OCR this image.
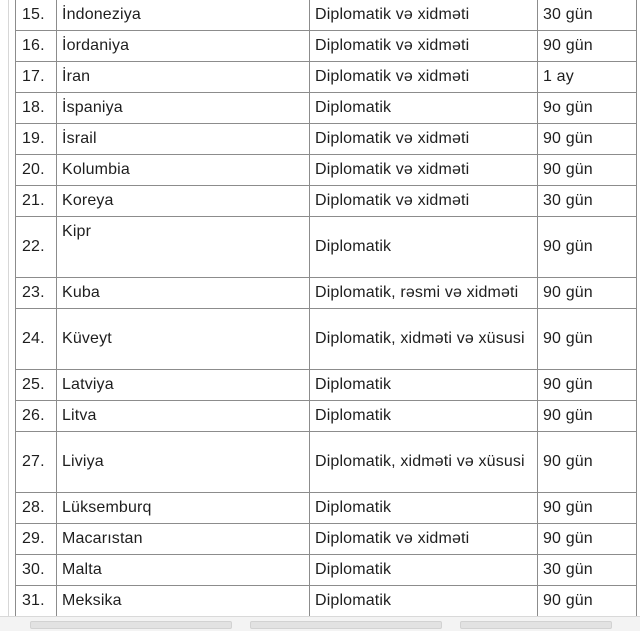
15.	İndoneziya	Diplomatik və xidməti	30 gün
16.	İordaniya	Diplomatik və xidməti	90 gün
17.	İran	Diplomatik və xidməti	1 ay
18.	İspaniya	Diplomatik	9o gün
19.	İsrail	Diplomatik və xidməti	90 gün
20.	Kolumbia	Diplomatik və xidməti	90 gün
21.	Koreya	Diplomatik və xidməti	30 gün
22.	Kipr	Diplomatik	90 gün
23.	Kuba	Diplomatik, rəsmi və xidməti	90 gün
24.	Küveyt	Diplomatik, xidməti və xüsusi	90 gün
25.	Latviya	Diplomatik	90 gün
26.	Litva	Diplomatik	90 gün
27.	Liviya	Diplomatik, xidməti və xüsusi	90 gün
28.	Lüksemburq	Diplomatik	90 gün
29.	Macarıstan	Diplomatik və xidməti	90 gün
30.	Malta	Diplomatik	30 gün
31.	Meksika	Diplomatik	90 gün
